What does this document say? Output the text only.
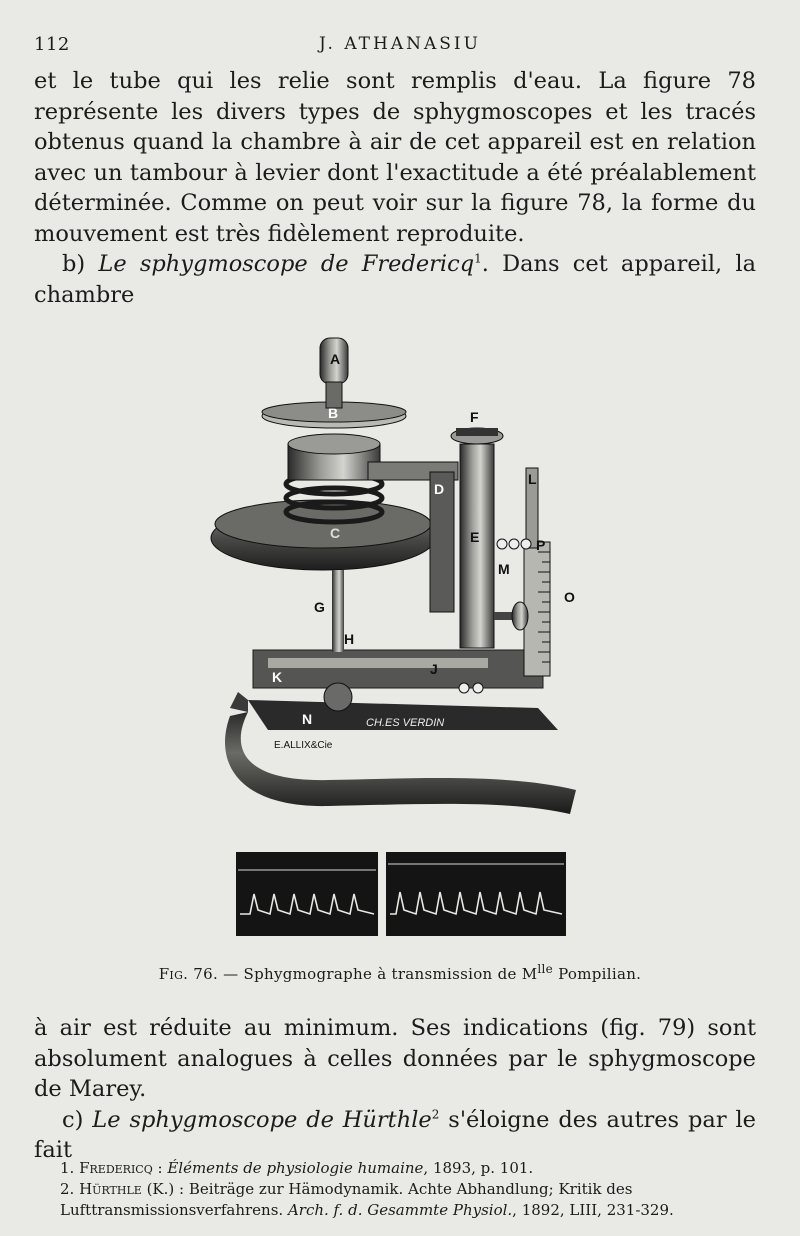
112	J. ATHANASIU

et le tube qui les relie sont remplis d'eau. La figure 78 représente les divers types de sphygmoscopes et les tracés obtenus quand la chambre à air de cet appareil est en relation avec un tambour à levier dont l'exactitude a été préalablement déterminée. Comme on peut voir sur la figure 78, la forme du mouvement est très fidèlement reproduite.

b) Le sphygmoscope de Fredericq$^1$. Dans cet appareil, la chambre

A
B
C
D
E
F
G
H
J
K
L
M
N
O
P
CH.ES VERDIN
E.ALLIX&Cie
Fig. 76. — Sphygmographe à transmission de $M^{lle}$ Pompilian.

à air est réduite au minimum. Ses indications (fig. 79) sont absolument analogues à celles données par le sphygmoscope de Marey.

c) Le sphygmoscope de Hürthle$^2$ s'éloigne des autres par le fait

1. Fredericq : Éléments de physiologie humaine, 1893, p. 101.

2. Hürthle (K.) : Beiträge zur Hämodynamik. Achte Abhandlung; Kritik des Lufttransmissionsverfahrens. Arch. f. d. Gesammte Physiol., 1892, LIII, 231-329.
